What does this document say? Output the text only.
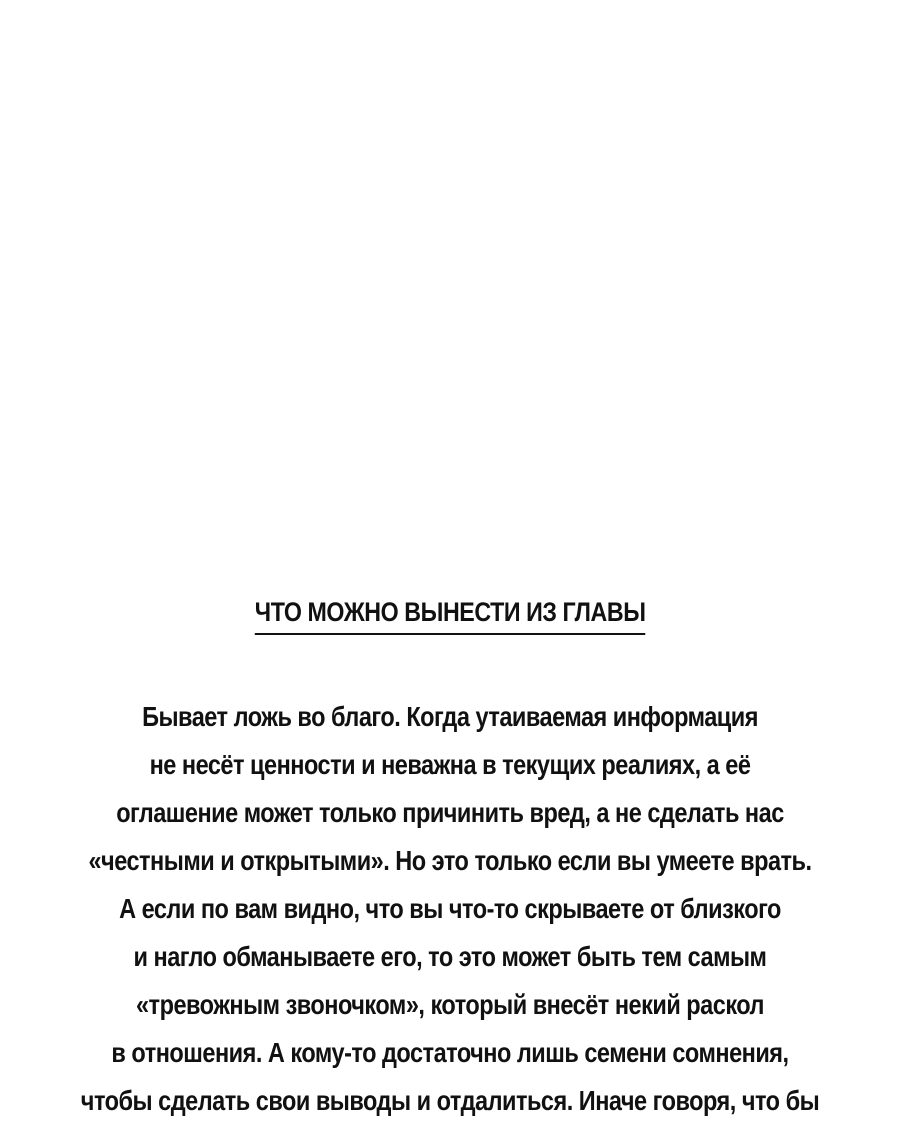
ЧТО МОЖНО ВЫНЕСТИ ИЗ ГЛАВЫ
Бывает ложь во благо. Когда утаиваемая информация
не несёт ценности и неважна в текущих реалиях, а её
оглашение может только причинить вред, а не сделать нас
«честными и открытыми». Но это только если вы умеете врать.
А если по вам видно, что вы что-то скрываете от близкого
и нагло обманываете его, то это может быть тем самым
«тревожным звоночком», который внесёт некий раскол
в отношения. А кому-то достаточно лишь семени сомнения,
чтобы сделать свои выводы и отдалиться. Иначе говоря, что бы
